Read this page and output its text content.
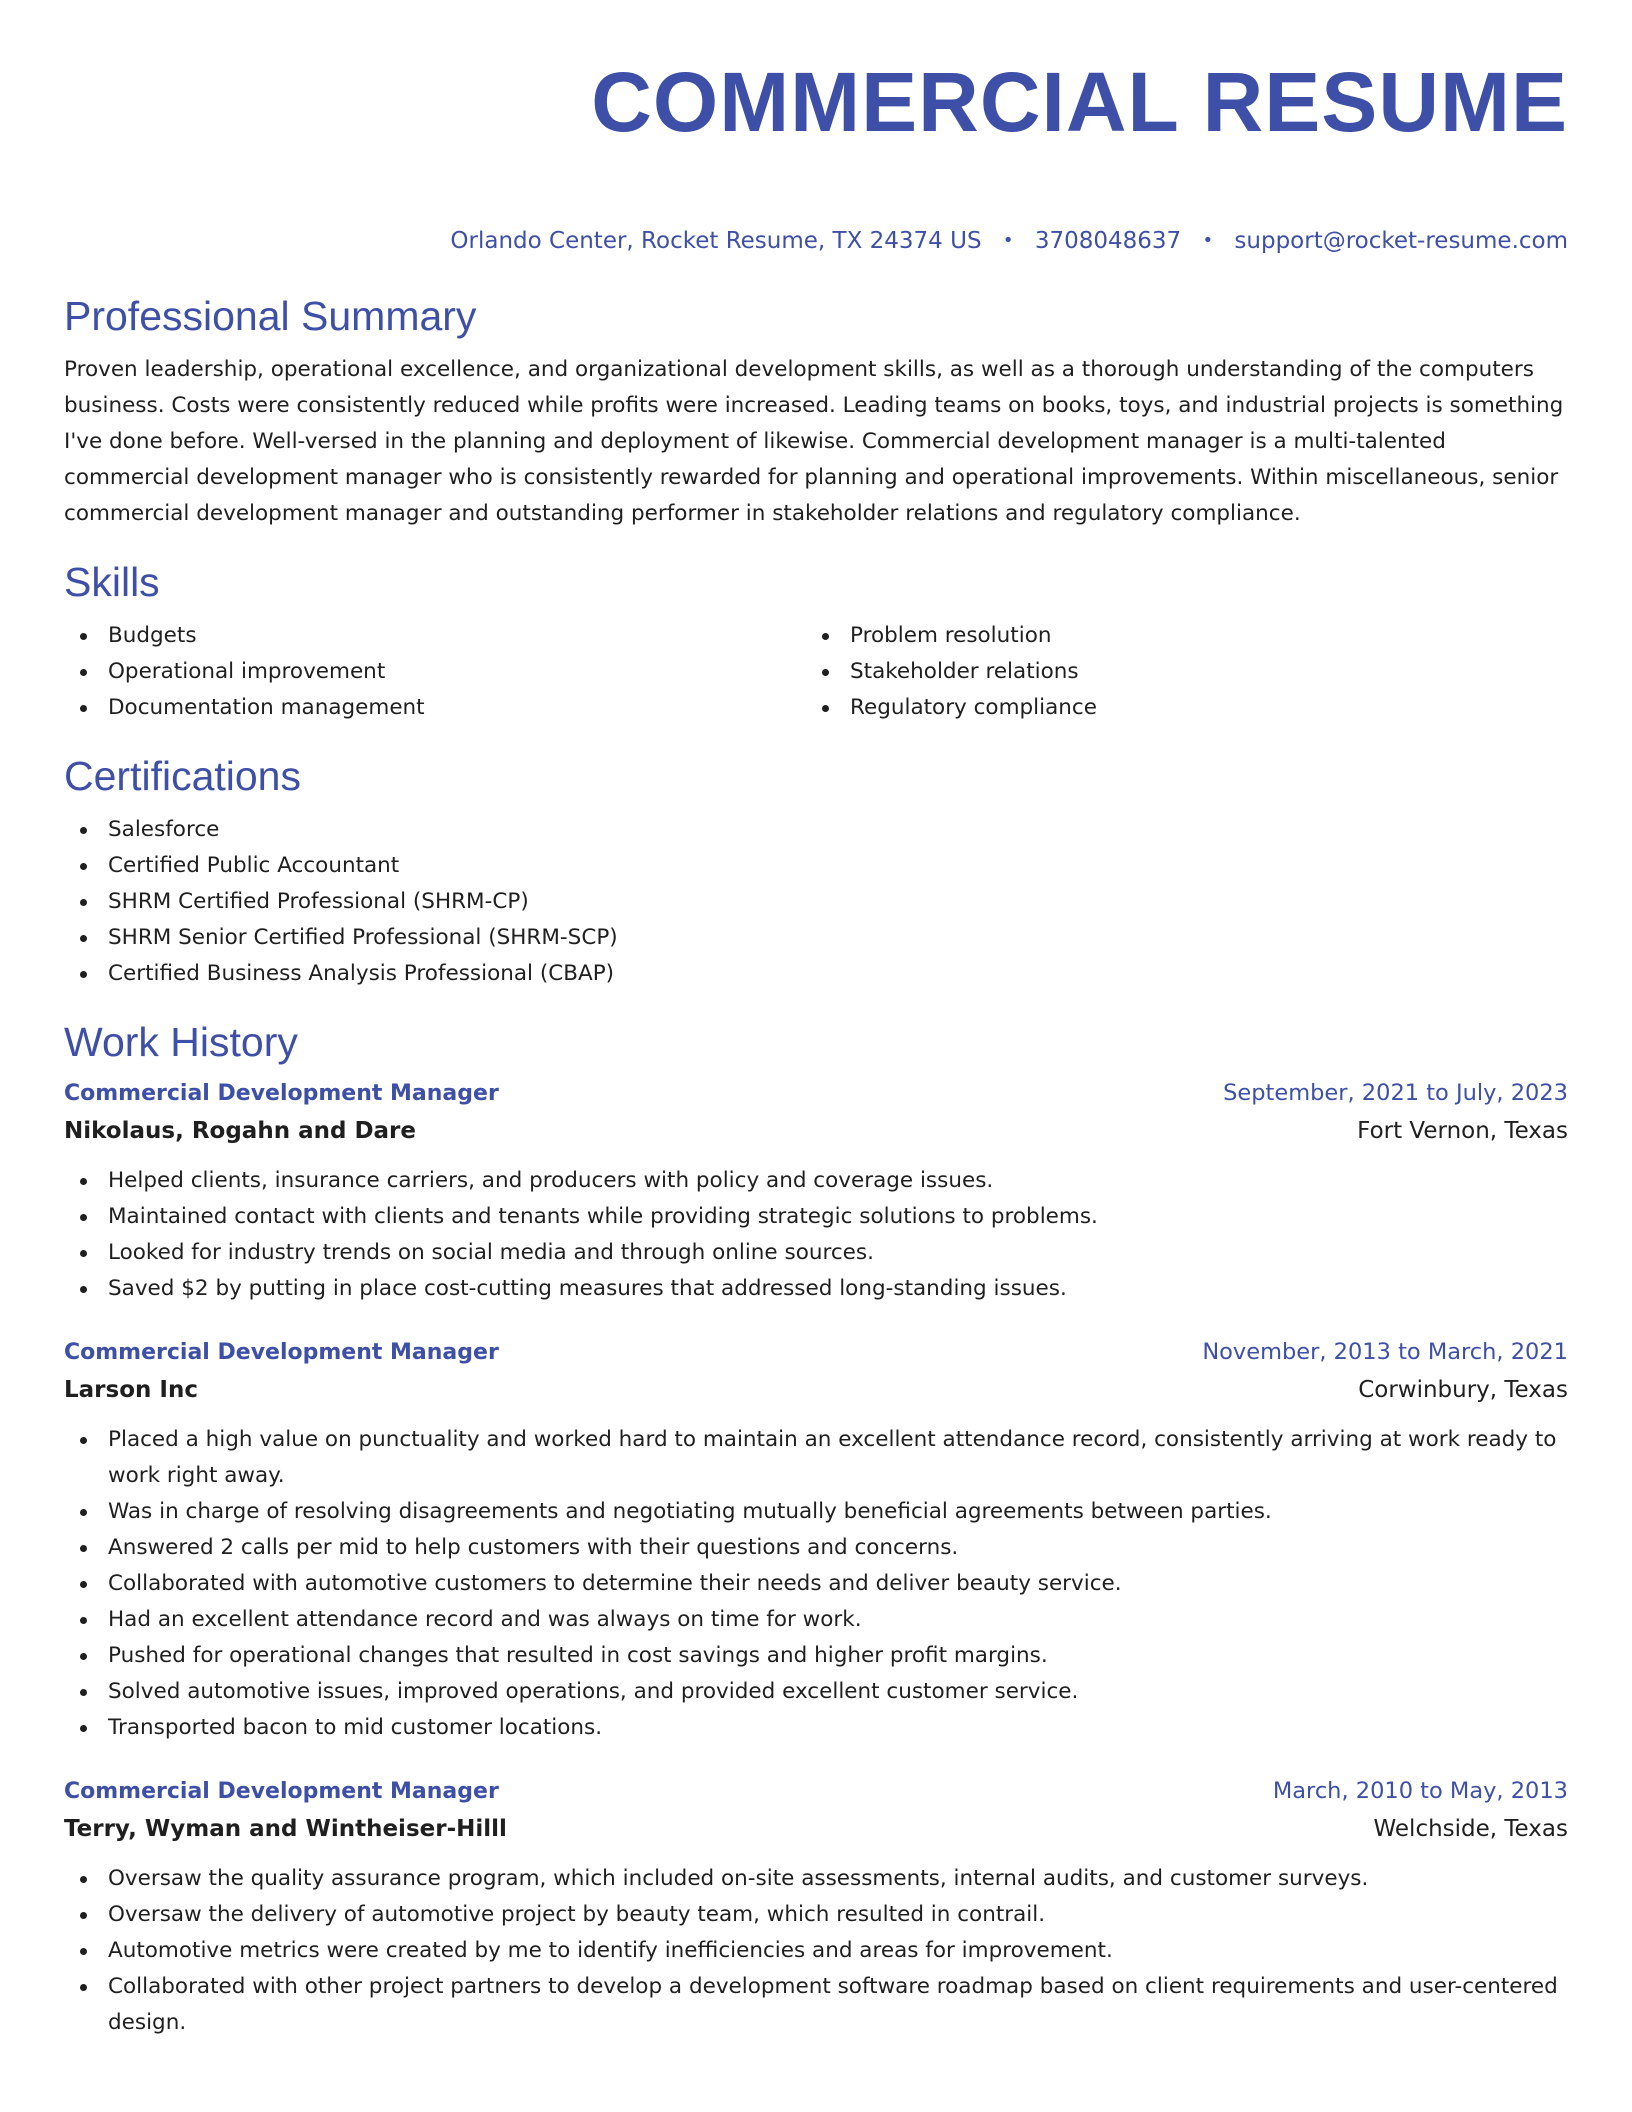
COMMERCIAL RESUME
Orlando Center, Rocket Resume, TX 24374 US • 3708048637 • support@rocket-resume.com
Professional Summary

Proven leadership, operational excellence, and organizational development skills, as well as a thorough understanding of the computers business. Costs were consistently reduced while profits were increased. Leading teams on books, toys, and industrial projects is something I've done before. Well-versed in the planning and deployment of likewise. Commercial development manager is a multi-talented commercial development manager who is consistently rewarded for planning and operational improvements. Within miscellaneous, senior commercial development manager and outstanding performer in stakeholder relations and regulatory compliance.

Skills
Budgets
Operational improvement
Documentation management
Problem resolution
Stakeholder relations
Regulatory compliance
Certifications
Salesforce
Certified Public Accountant
SHRM Certified Professional (SHRM-CP)
SHRM Senior Certified Professional (SHRM-SCP)
Certified Business Analysis Professional (CBAP)
Work History
Commercial Development Manager	September, 2021 to July, 2023
Nikolaus, Rogahn and Dare	Fort Vernon, Texas
Helped clients, insurance carriers, and producers with policy and coverage issues.
Maintained contact with clients and tenants while providing strategic solutions to problems.
Looked for industry trends on social media and through online sources.
Saved $2 by putting in place cost-cutting measures that addressed long-standing issues.
Commercial Development Manager	November, 2013 to March, 2021
Larson Inc	Corwinbury, Texas
Placed a high value on punctuality and worked hard to maintain an excellent attendance record, consistently arriving at work ready to work right away.
Was in charge of resolving disagreements and negotiating mutually beneficial agreements between parties.
Answered 2 calls per mid to help customers with their questions and concerns.
Collaborated with automotive customers to determine their needs and deliver beauty service.
Had an excellent attendance record and was always on time for work.
Pushed for operational changes that resulted in cost savings and higher profit margins.
Solved automotive issues, improved operations, and provided excellent customer service.
Transported bacon to mid customer locations.
Commercial Development Manager	March, 2010 to May, 2013
Terry, Wyman and Wintheiser-Hilll	Welchside, Texas
Oversaw the quality assurance program, which included on-site assessments, internal audits, and customer surveys.
Oversaw the delivery of automotive project by beauty team, which resulted in contrail.
Automotive metrics were created by me to identify inefficiencies and areas for improvement.
Collaborated with other project partners to develop a development software roadmap based on client requirements and user-centered design.
